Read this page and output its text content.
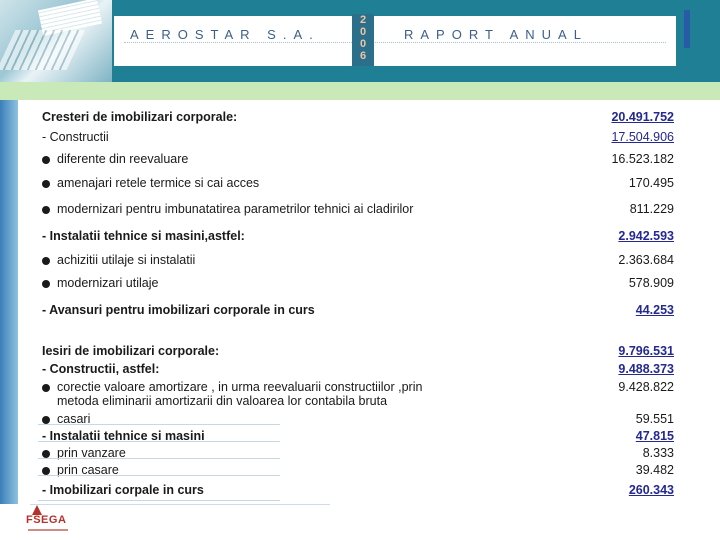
AEROSTAR S.A.	RAPORT ANUAL
2
0
0
6
Cresteri de imobilizari corporale:	20.491.752
- Constructii	17.504.906
diferente din reevaluare	16.523.182
amenajari retele termice si cai acces	170.495
modernizari pentru imbunatatirea parametrilor tehnici ai cladirilor	811.229
- Instalatii tehnice si masini,astfel:	2.942.593
achizitii utilaje si instalatii	2.363.684
modernizari utilaje	578.909
- Avansuri pentru imobilizari corporale in curs	44.253
Iesiri de imobilizari corporale:	9.796.531
- Constructii, astfel:	9.488.373
corectie valoare amortizare , in urma reevaluarii constructiilor ,prin	9.428.822
metoda eliminarii amortizarii din valoarea lor contabila bruta
casari	59.551
- Instalatii tehnice si masini	47.815
prin vanzare	8.333
prin casare	39.482
- Imobilizari corpale in curs	260.343
FSEGA
